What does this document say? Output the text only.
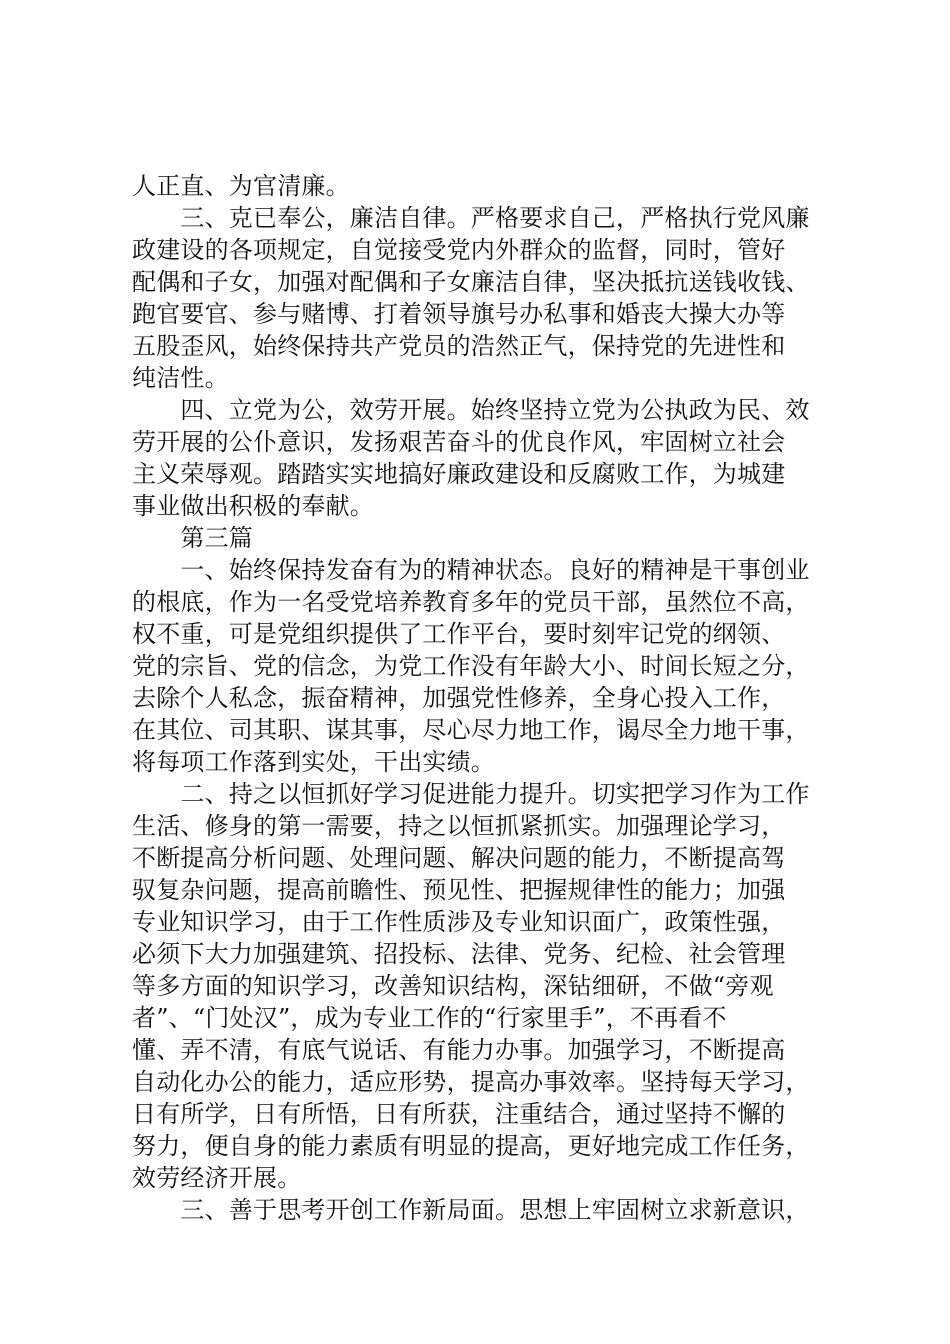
人正直、为官清廉。
　　三、克已奉公，廉洁自律。严格要求自己，严格执行党风廉
政建设的各项规定，自觉接受党内外群众的监督，同时，管好
配偶和子女，加强对配偶和子女廉洁自律，坚决抵抗送钱收钱、
跑官要官、参与赌博、打着领导旗号办私事和婚丧大操大办等
五股歪风，始终保持共产党员的浩然正气，保持党的先进性和
纯洁性。
　　四、立党为公，效劳开展。始终坚持立党为公执政为民、效
劳开展的公仆意识，发扬艰苦奋斗的优良作风，牢固树立社会
主义荣辱观。踏踏实实地搞好廉政建设和反腐败工作，为城建
事业做出积极的奉献。
　　第三篇
　　一、始终保持发奋有为的精神状态。良好的精神是干事创业
的根底，作为一名受党培养教育多年的党员干部，虽然位不高，
权不重，可是党组织提供了工作平台，要时刻牢记党的纲领、
党的宗旨、党的信念，为党工作没有年龄大小、时间长短之分，
去除个人私念，振奋精神，加强党性修养，全身心投入工作，
在其位、司其职、谋其事，尽心尽力地工作，谒尽全力地干事，
将每项工作落到实处，干出实绩。
　　二、持之以恒抓好学习促进能力提升。切实把学习作为工作
生活、修身的第一需要，持之以恒抓紧抓实。加强理论学习，
不断提高分析问题、处理问题、解决问题的能力，不断提高驾
驭复杂问题，提高前瞻性、预见性、把握规律性的能力；加强
专业知识学习，由于工作性质涉及专业知识面广，政策性强，
必须下大力加强建筑、招投标、法律、党务、纪检、社会管理
等多方面的知识学习，改善知识结构，深钻细研，不做“旁观
者”、“门处汉”，成为专业工作的“行家里手”，不再看不
懂、弄不清，有底气说话、有能力办事。加强学习，不断提高
自动化办公的能力，适应形势，提高办事效率。坚持每天学习，
日有所学，日有所悟，日有所获，注重结合，通过坚持不懈的
努力，便自身的能力素质有明显的提高，更好地完成工作任务，
效劳经济开展。
　　三、善于思考开创工作新局面。思想上牢固树立求新意识，
